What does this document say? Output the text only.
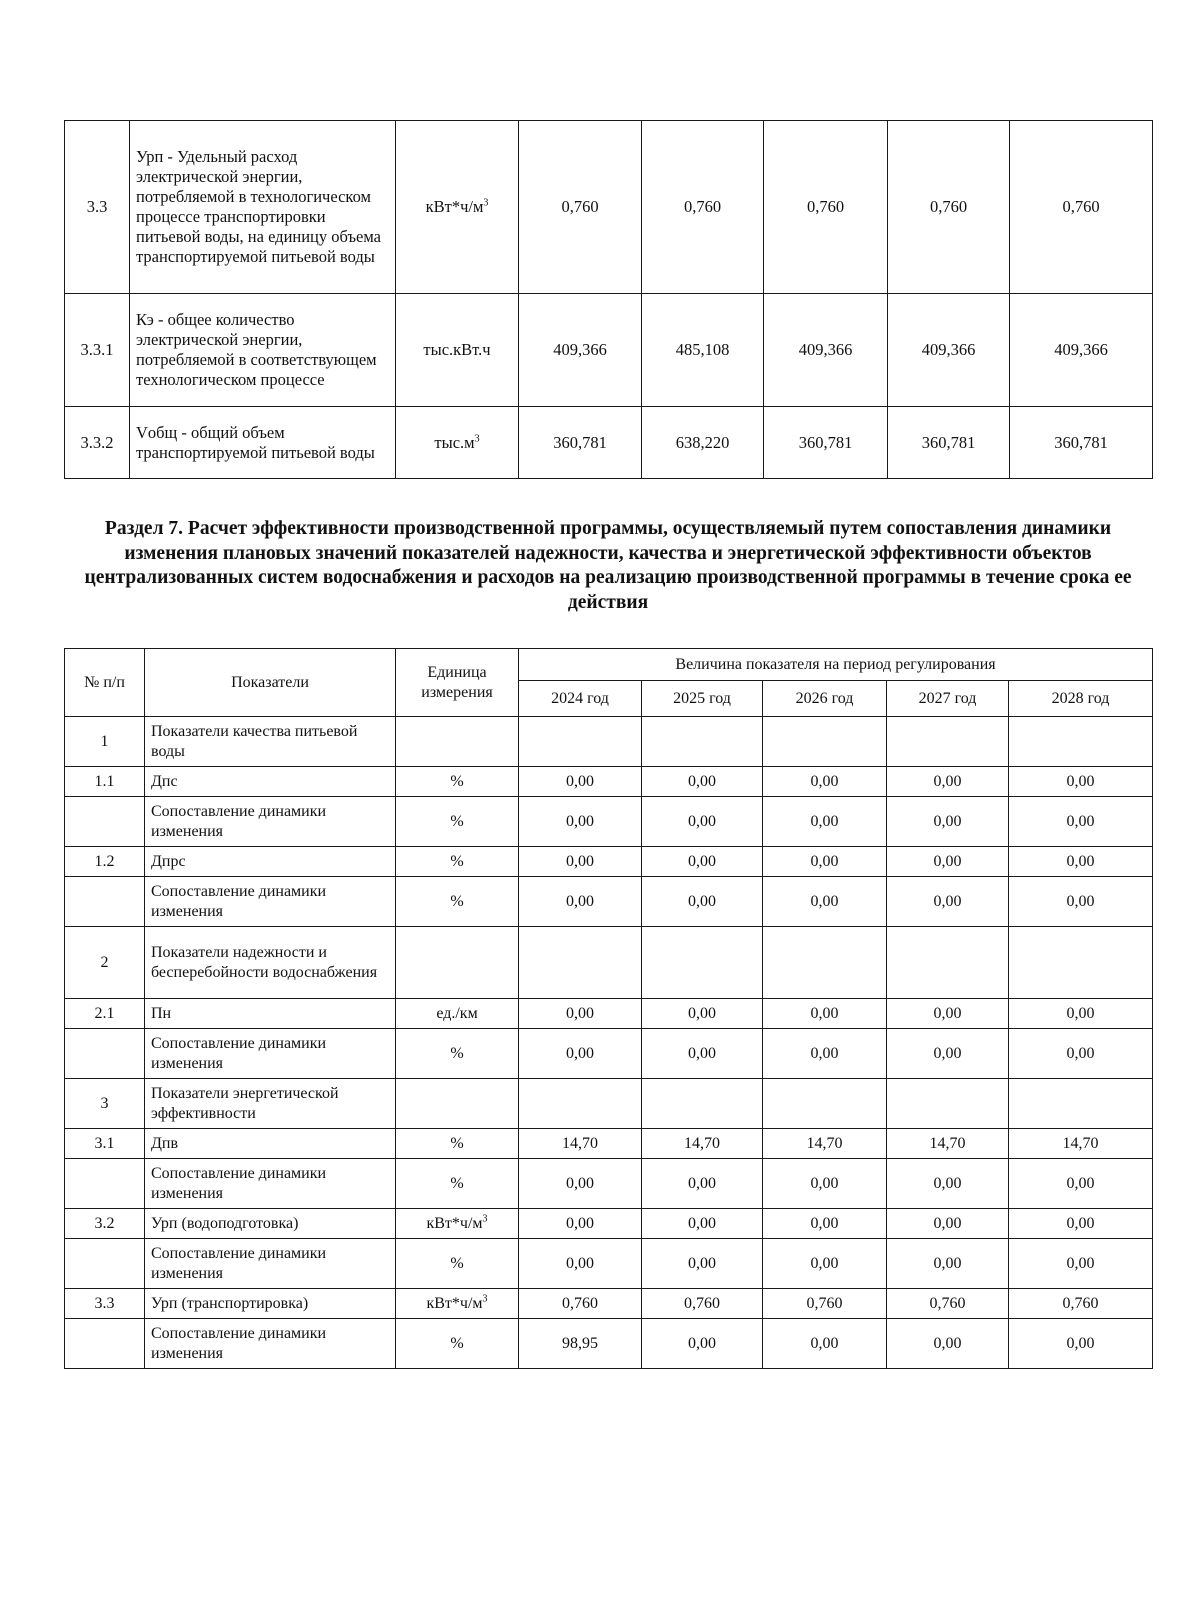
3.3	Урп - Удельный расход электрической энергии, потребляемой в технологическом процессе транспортировки питьевой воды, на единицу объема транспортируемой питьевой воды	$кВт*ч/м^3$	0,760	0,760	0,760	0,760	0,760
3.3.1	Кэ - общее количество электрической энергии, потребляемой в соответствующем технологическом процессе	тыс.кВт.ч	409,366	485,108	409,366	409,366	409,366
3.3.2	Vобщ - общий объем транспортируемой питьевой воды	$тыс.м^3$	360,781	638,220	360,781	360,781	360,781
Раздел 7. Расчет эффективности производственной программы, осуществляемый путем сопоставления динамики изменения плановых значений показателей надежности, качества и энергетической эффективности объектов централизованных систем водоснабжения и расходов на реализацию производственной программы в течение срока ее действия
№ п/п	Показатели	Единица измерения	Величина показателя на период регулирования				
			2024 год	2025 год	2026 год	2027 год	2028 год
1	Показатели качества питьевой воды						
1.1	Дпс	%	0,00	0,00	0,00	0,00	0,00
	Сопоставление динамики изменения	%	0,00	0,00	0,00	0,00	0,00
1.2	Дпрс	%	0,00	0,00	0,00	0,00	0,00
	Сопоставление динамики изменения	%	0,00	0,00	0,00	0,00	0,00
2	Показатели надежности и бесперебойности водоснабжения						
2.1	Пн	ед./км	0,00	0,00	0,00	0,00	0,00
	Сопоставление динамики изменения	%	0,00	0,00	0,00	0,00	0,00
3	Показатели энергетической эффективности						
3.1	Дпв	%	14,70	14,70	14,70	14,70	14,70
	Сопоставление динамики изменения	%	0,00	0,00	0,00	0,00	0,00
3.2	Урп (водоподготовка)	$кВт*ч/м^3$	0,00	0,00	0,00	0,00	0,00
	Сопоставление динамики изменения	%	0,00	0,00	0,00	0,00	0,00
3.3	Урп (транспортировка)	$кВт*ч/м^3$	0,760	0,760	0,760	0,760	0,760
	Сопоставление динамики изменения	%	98,95	0,00	0,00	0,00	0,00
